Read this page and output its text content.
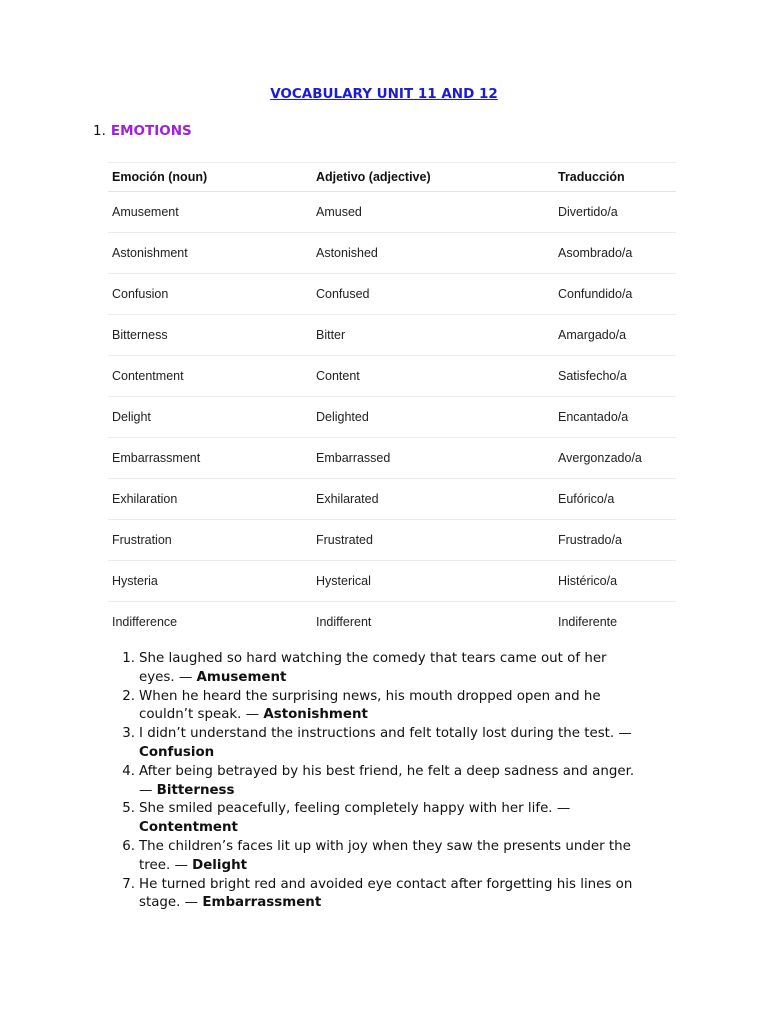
VOCABULARY UNIT 11 AND 12
1. EMOTIONS
Emoción (noun)	Adjetivo (adjective)	Traducción
Amusement	Amused	Divertido/a
Astonishment	Astonished	Asombrado/a
Confusion	Confused	Confundido/a
Bitterness	Bitter	Amargado/a
Contentment	Content	Satisfecho/a
Delight	Delighted	Encantado/a
Embarrassment	Embarrassed	Avergonzado/a
Exhilaration	Exhilarated	Eufórico/a
Frustration	Frustrated	Frustrado/a
Hysteria	Hysterical	Histérico/a
Indifference	Indifferent	Indiferente
1. She laughed so hard watching the comedy that tears came out of her
eyes. — Amusement
2. When he heard the surprising news, his mouth dropped open and he
couldn’t speak. — Astonishment
3. I didn’t understand the instructions and felt totally lost during the test. —
Confusion
4. After being betrayed by his best friend, he felt a deep sadness and anger.
— Bitterness
5. She smiled peacefully, feeling completely happy with her life. —
Contentment
6. The children’s faces lit up with joy when they saw the presents under the
tree. — Delight
7. He turned bright red and avoided eye contact after forgetting his lines on
stage. — Embarrassment
